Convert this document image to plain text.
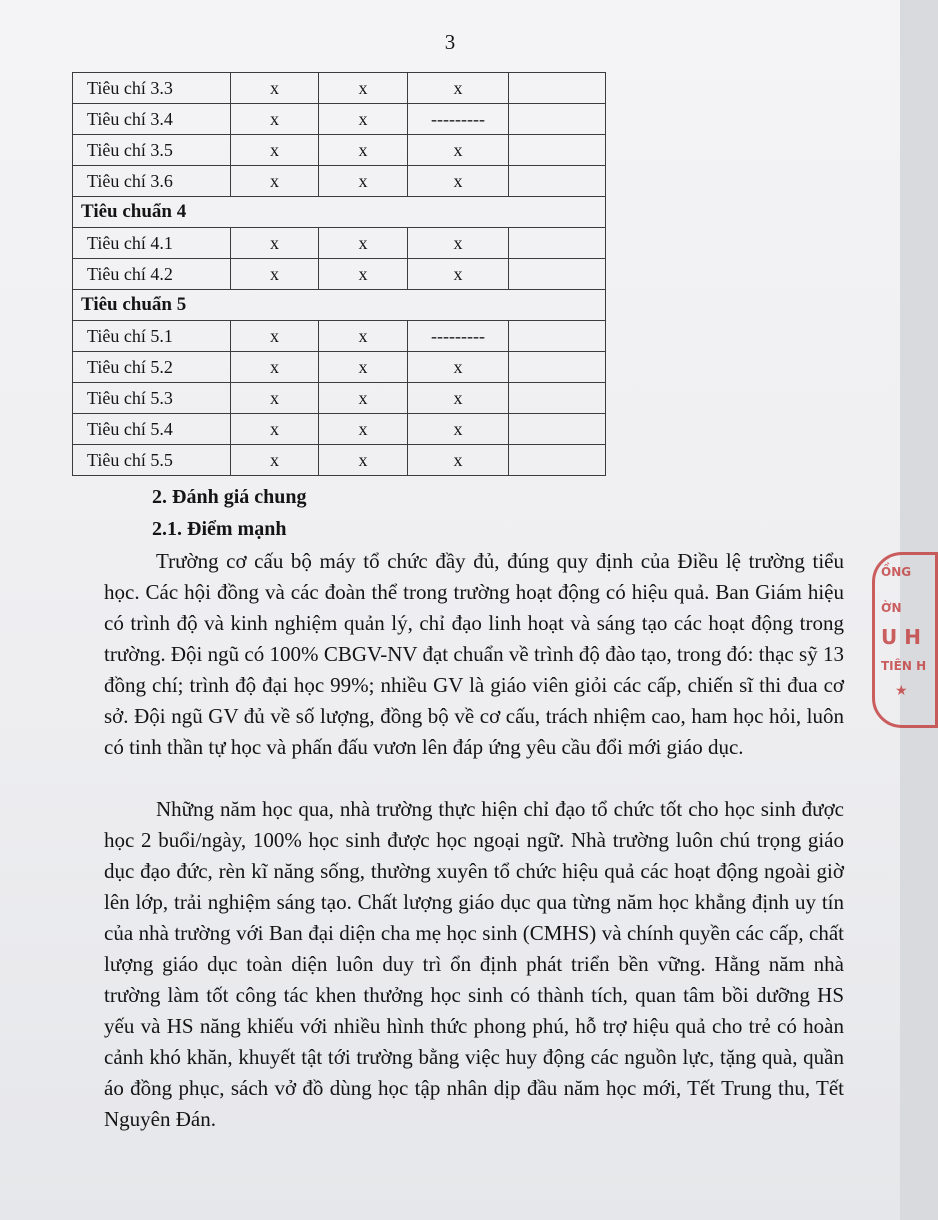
3
Tiêu chí 3.3	x	x	x	
Tiêu chí 3.4	x	x	---------	
Tiêu chí 3.5	x	x	x	
Tiêu chí 3.6	x	x	x	
Tiêu chuẩn 4				
Tiêu chí 4.1	x	x	x	
Tiêu chí 4.2	x	x	x	
Tiêu chuẩn 5				
Tiêu chí 5.1	x	x	---------	
Tiêu chí 5.2	x	x	x	
Tiêu chí 5.3	x	x	x	
Tiêu chí 5.4	x	x	x	
Tiêu chí 5.5	x	x	x	
2. Đánh giá chung
2.1. Điểm mạnh

Trường cơ cấu bộ máy tổ chức đầy đủ, đúng quy định của Điều lệ trường tiểu học. Các hội đồng và các đoàn thể trong trường hoạt động có hiệu quả. Ban Giám hiệu có trình độ và kinh nghiệm quản lý, chỉ đạo linh hoạt và sáng tạo các hoạt động trong trường. Đội ngũ có 100% CBGV-NV đạt chuẩn về trình độ đào tạo, trong đó: thạc sỹ 13 đồng chí; trình độ đại học 99%; nhiều GV là giáo viên giỏi các cấp, chiến sĩ thi đua cơ sở. Đội ngũ GV đủ về số lượng, đồng bộ về cơ cấu, trách nhiệm cao, ham học hỏi, luôn có tinh thần tự học và phấn đấu vươn lên đáp ứng yêu cầu đổi mới giáo dục.

Những năm học qua, nhà trường thực hiện chỉ đạo tổ chức tốt cho học sinh được học 2 buổi/ngày, 100% học sinh được học ngoại ngữ. Nhà trường luôn chú trọng giáo dục đạo đức, rèn kĩ năng sống, thường xuyên tổ chức hiệu quả các hoạt động ngoài giờ lên lớp, trải nghiệm sáng tạo. Chất lượng giáo dục qua từng năm học khẳng định uy tín của nhà trường với Ban đại diện cha mẹ học sinh (CMHS) và chính quyền các cấp, chất lượng giáo dục toàn diện luôn duy trì ổn định phát triển bền vững. Hằng năm nhà trường làm tốt công tác khen thưởng học sinh có thành tích, quan tâm bồi dưỡng HS yếu và HS năng khiếu với nhiều hình thức phong phú, hỗ trợ hiệu quả cho trẻ có hoàn cảnh khó khăn, khuyết tật tới trường bằng việc huy động các nguồn lực, tặng quà, quần áo đồng phục, sách vở đồ dùng học tập nhân dịp đầu năm học mới, Tết Trung thu, Tết Nguyên Đán.

ỒNG
ỜN
U H
TIÊN H
★
